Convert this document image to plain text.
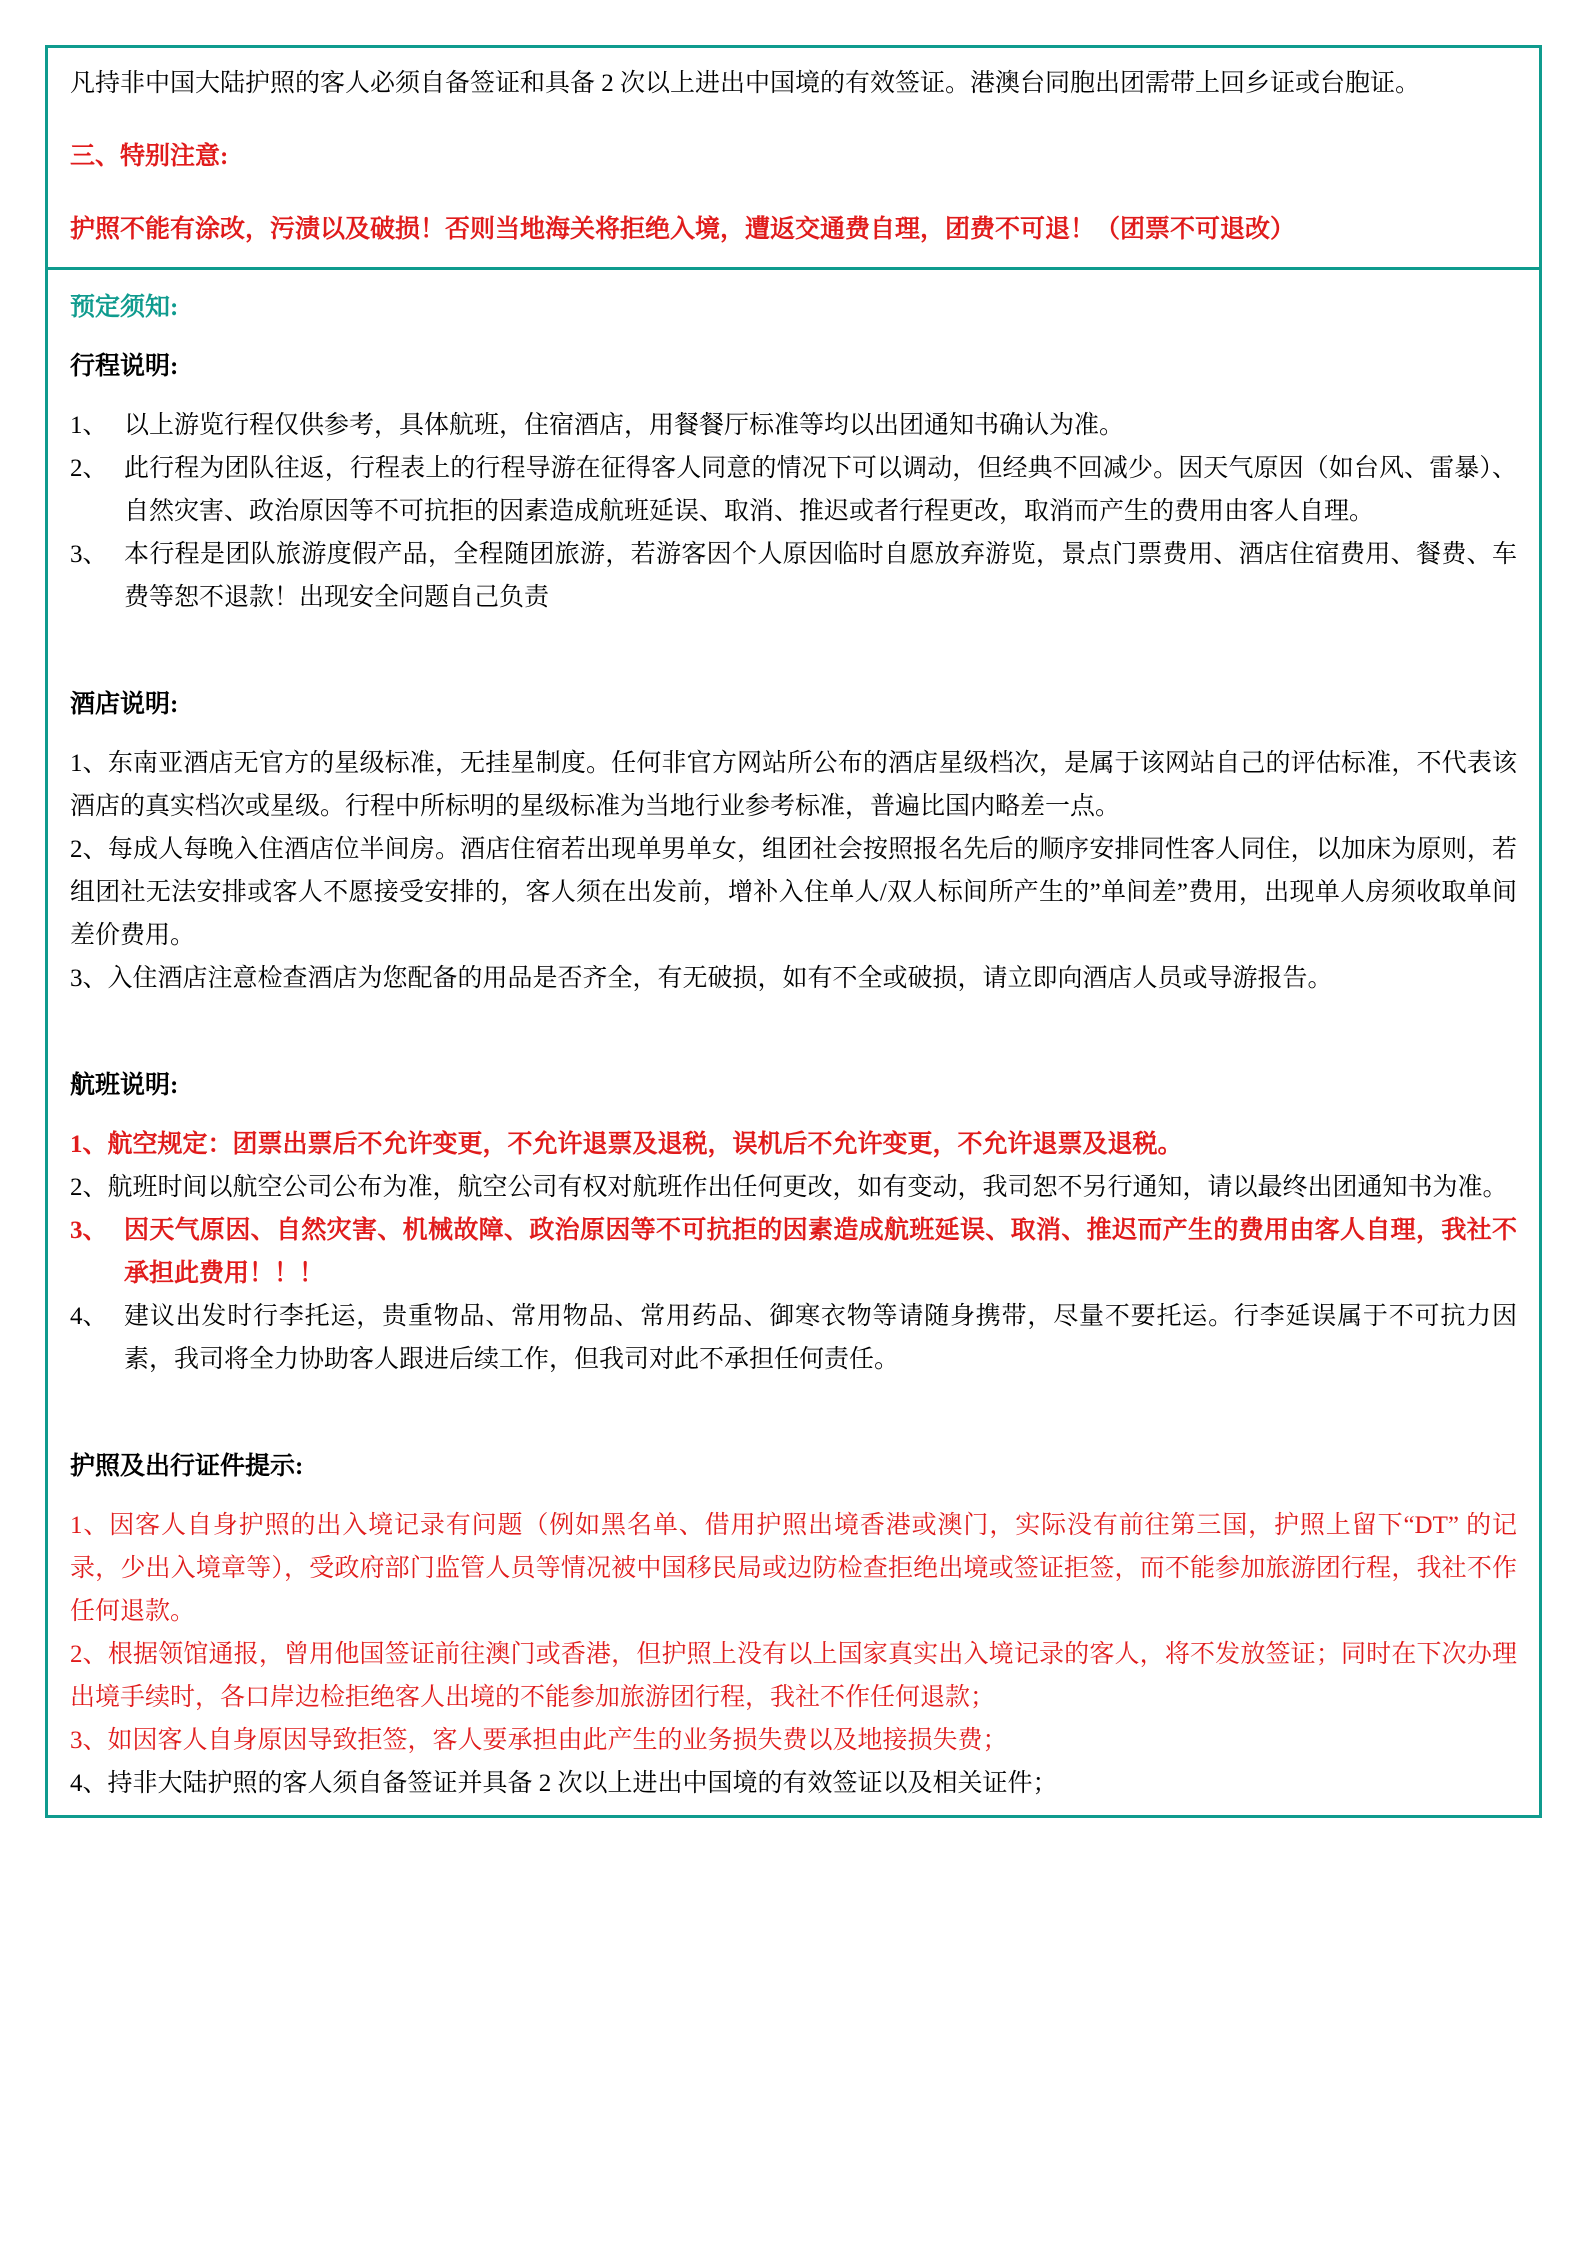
凡持非中国大陆护照的客人必须自备签证和具备 2 次以上进出中国境的有效签证。港澳台同胞出团需带上回乡证或台胞证。

三、特别注意:

护照不能有涂改，污渍以及破损！否则当地海关将拒绝入境，遭返交通费自理，团费不可退！（团票不可退改）

预定须知:

行程说明:

1、 以上游览行程仅供参考，具体航班，住宿酒店，用餐餐厅标准等均以出团通知书确认为准。
2、 此行程为团队往返，行程表上的行程导游在征得客人同意的情况下可以调动，但经典不回减少。因天气原因（如台风、雷暴）、自然灾害、政治原因等不可抗拒的因素造成航班延误、取消、推迟或者行程更改，取消而产生的费用由客人自理。
3、 本行程是团队旅游度假产品，全程随团旅游，若游客因个人原因临时自愿放弃游览，景点门票费用、酒店住宿费用、餐费、车费等恕不退款！出现安全问题自己负责

酒店说明:

1、东南亚酒店无官方的星级标准，无挂星制度。任何非官方网站所公布的酒店星级档次，是属于该网站自己的评估标准，不代表该酒店的真实档次或星级。行程中所标明的星级标准为当地行业参考标准，普遍比国内略差一点。

2、每成人每晚入住酒店位半间房。酒店住宿若出现单男单女，组团社会按照报名先后的顺序安排同性客人同住，以加床为原则，若组团社无法安排或客人不愿接受安排的，客人须在出发前，增补入住单人/双人标间所产生的”单间差”费用，出现单人房须收取单间差价费用。

3、入住酒店注意检查酒店为您配备的用品是否齐全，有无破损，如有不全或破损，请立即向酒店人员或导游报告。

航班说明:

1、航空规定：团票出票后不允许变更，不允许退票及退税，误机后不允许变更，不允许退票及退税。

2、航班时间以航空公司公布为准，航空公司有权对航班作出任何更改，如有变动，我司恕不另行通知，请以最终出团通知书为准。

3、 因天气原因、自然灾害、机械故障、政治原因等不可抗拒的因素造成航班延误、取消、推迟而产生的费用由客人自理，我社不承担此费用！！！
4、 建议出发时行李托运，贵重物品、常用物品、常用药品、御寒衣物等请随身携带，尽量不要托运。行李延误属于不可抗力因素，我司将全力协助客人跟进后续工作，但我司对此不承担任何责任。

护照及出行证件提示:

1、因客人自身护照的出入境记录有问题（例如黑名单、借用护照出境香港或澳门，实际没有前往第三国，护照上留下“DT” 的记录，少出入境章等），受政府部门监管人员等情况被中国移民局或边防检查拒绝出境或签证拒签，而不能参加旅游团行程，我社不作任何退款。

2、根据领馆通报，曾用他国签证前往澳门或香港，但护照上没有以上国家真实出入境记录的客人，将不发放签证；同时在下次办理出境手续时，各口岸边检拒绝客人出境的不能参加旅游团行程，我社不作任何退款；

3、如因客人自身原因导致拒签，客人要承担由此产生的业务损失费以及地接损失费；

4、持非大陆护照的客人须自备签证并具备 2 次以上进出中国境的有效签证以及相关证件；
